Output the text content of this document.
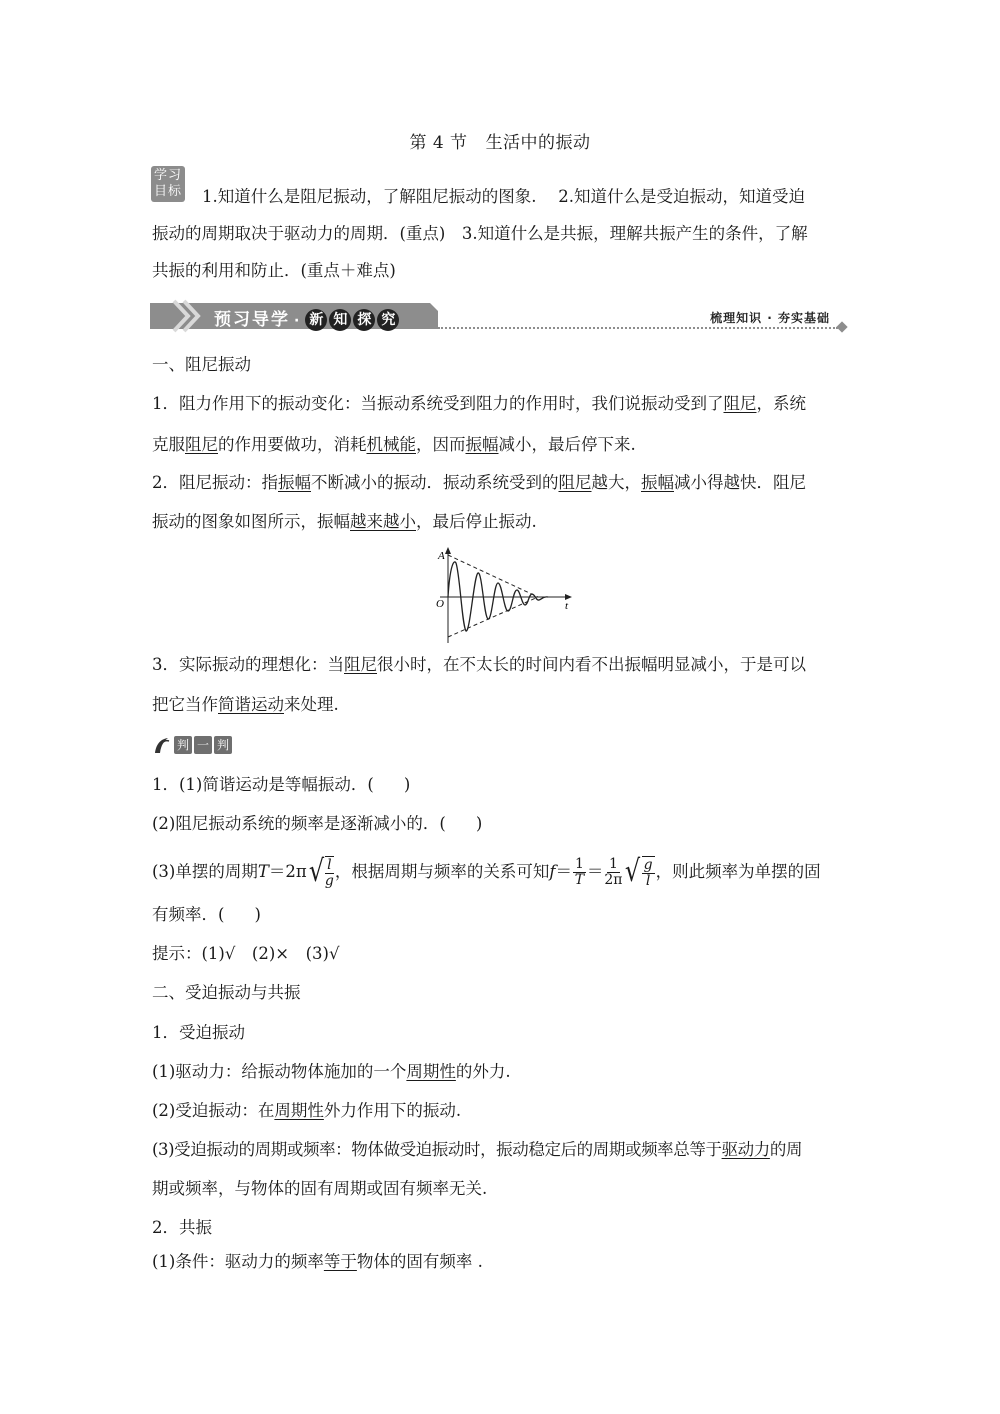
第 4 节 生活中的振动
学习
目标 1.知道什么是阻尼振动，了解阻尼振动的图象.　 2.知道什么是受迫振动，知道受迫
振动的周期取决于驱动力的周期．(重点)　3.知道什么是共振，理解共振产生的条件，了解
共振的利用和防止．(重点＋难点)
预习导学 · 新 知 探 究	梳理知识 · 夯实基础
一、阻尼振动
1．阻力作用下的振动变化：当振动系统受到阻力的作用时，我们说振动受到了阻尼，系统
克服阻尼的作用要做功，消耗机械能，因而振幅减小，最后停下来.
2．阻尼振动：指振幅不断减小的振动．振动系统受到的阻尼越大，振幅减小得越快．阻尼
振动的图象如图所示，振幅越来越小，最后停止振动.
A
O	t
3．实际振动的理想化：当阻尼很小时，在不太长的时间内看不出振幅明显减小，于是可以
把它当作简谐运动来处理.
判 一 判
1．(1)简谐运动是等幅振动．( )
(2)阻尼振动系统的频率是逐渐减小的．( )
(3)单摆的周期 T ＝2π √ $\frac{l}{g}$ ，根据周期与频率的关系可知 $f = \frac{1}{T} = \frac{1}{2\pi}$ √ $\frac{g}{l}$ ，则此频率为单摆的固
有频率．( )
提示：(1)√　(2)×　(3)√
二、受迫振动与共振
1．受迫振动
(1)驱动力：给振动物体施加的一个周期性的外力.
(2)受迫振动：在周期性外力作用下的振动.
(3)受迫振动的周期或频率：物体做受迫振动时，振动稳定后的周期或频率总等于驱动力的周
期或频率，与物体的固有周期或固有频率无关.
2．共振
(1)条件：驱动力的频率等于物体的固有频率 .
